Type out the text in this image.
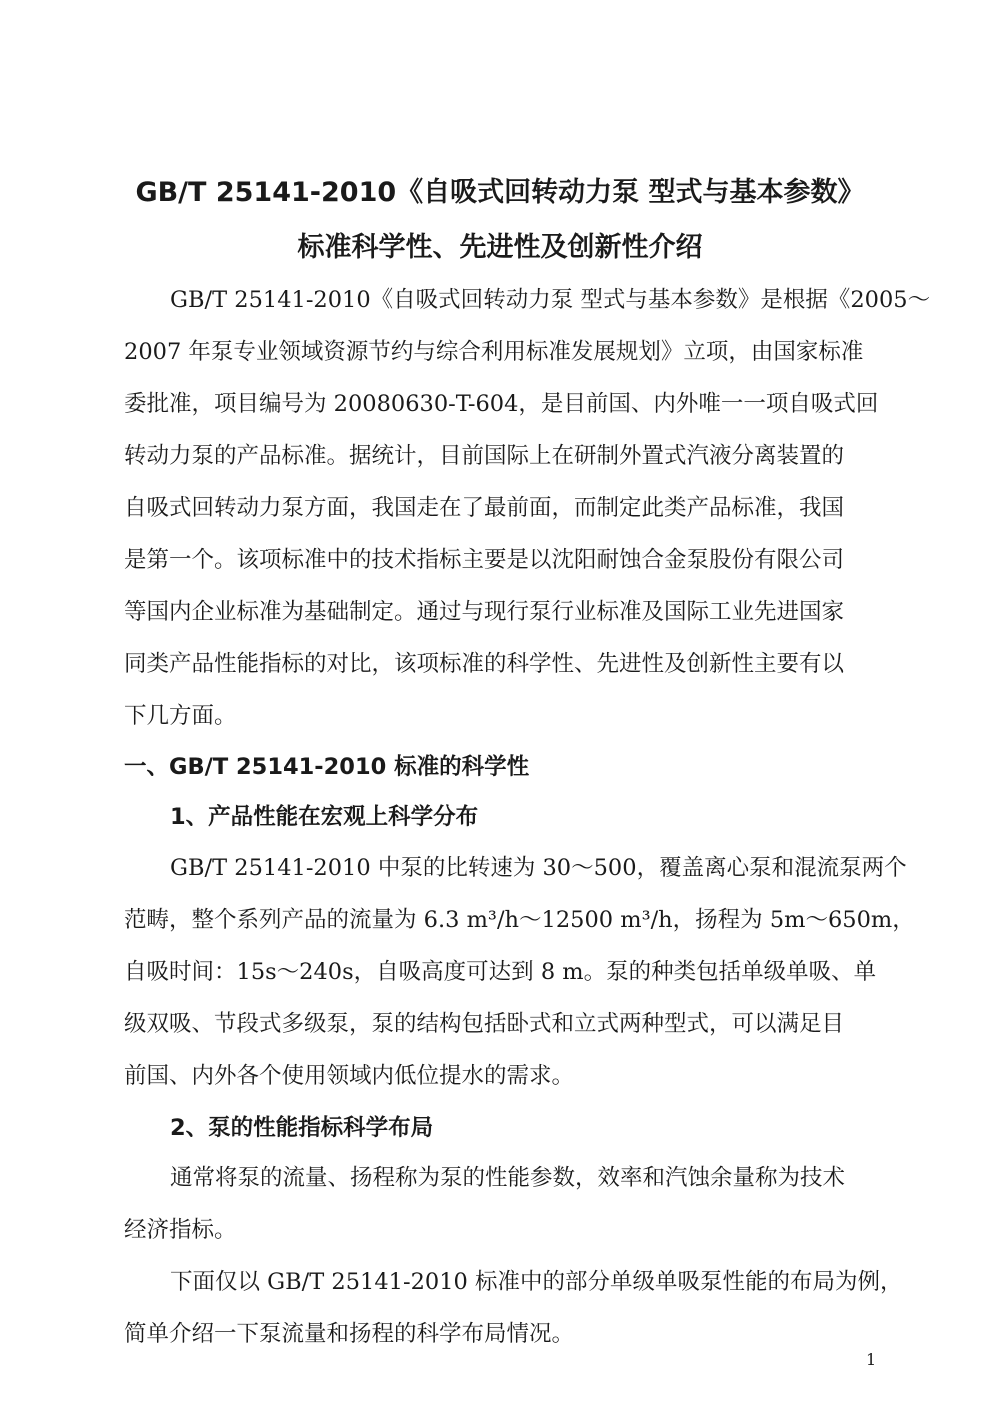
GB/T 25141-2010《自吸式回转动力泵 型式与基本参数》
标准科学性、先进性及创新性介绍
GB/T 25141-2010《自吸式回转动力泵 型式与基本参数》是根据《2005～
2007 年泵专业领域资源节约与综合利用标准发展规划》立项，由国家标准
委批准，项目编号为 20080630-T-604，是目前国、内外唯一一项自吸式回
转动力泵的产品标准。据统计，目前国际上在研制外置式汽液分离装置的
自吸式回转动力泵方面，我国走在了最前面，而制定此类产品标准，我国
是第一个。该项标准中的技术指标主要是以沈阳耐蚀合金泵股份有限公司
等国内企业标准为基础制定。通过与现行泵行业标准及国际工业先进国家
同类产品性能指标的对比，该项标准的科学性、先进性及创新性主要有以
下几方面。
一、GB/T 25141-2010 标准的科学性
1、产品性能在宏观上科学分布
GB/T 25141-2010 中泵的比转速为 30～500，覆盖离心泵和混流泵两个
范畴，整个系列产品的流量为 6.3 m³/h～12500 m³/h，扬程为 5m～650m，
自吸时间：15s～240s，自吸高度可达到 8 m。泵的种类包括单级单吸、单
级双吸、节段式多级泵，泵的结构包括卧式和立式两种型式，可以满足目
前国、内外各个使用领域内低位提水的需求。
2、泵的性能指标科学布局
通常将泵的流量、扬程称为泵的性能参数，效率和汽蚀余量称为技术
经济指标。
下面仅以 GB/T 25141-2010 标准中的部分单级单吸泵性能的布局为例，
简单介绍一下泵流量和扬程的科学布局情况。
1
